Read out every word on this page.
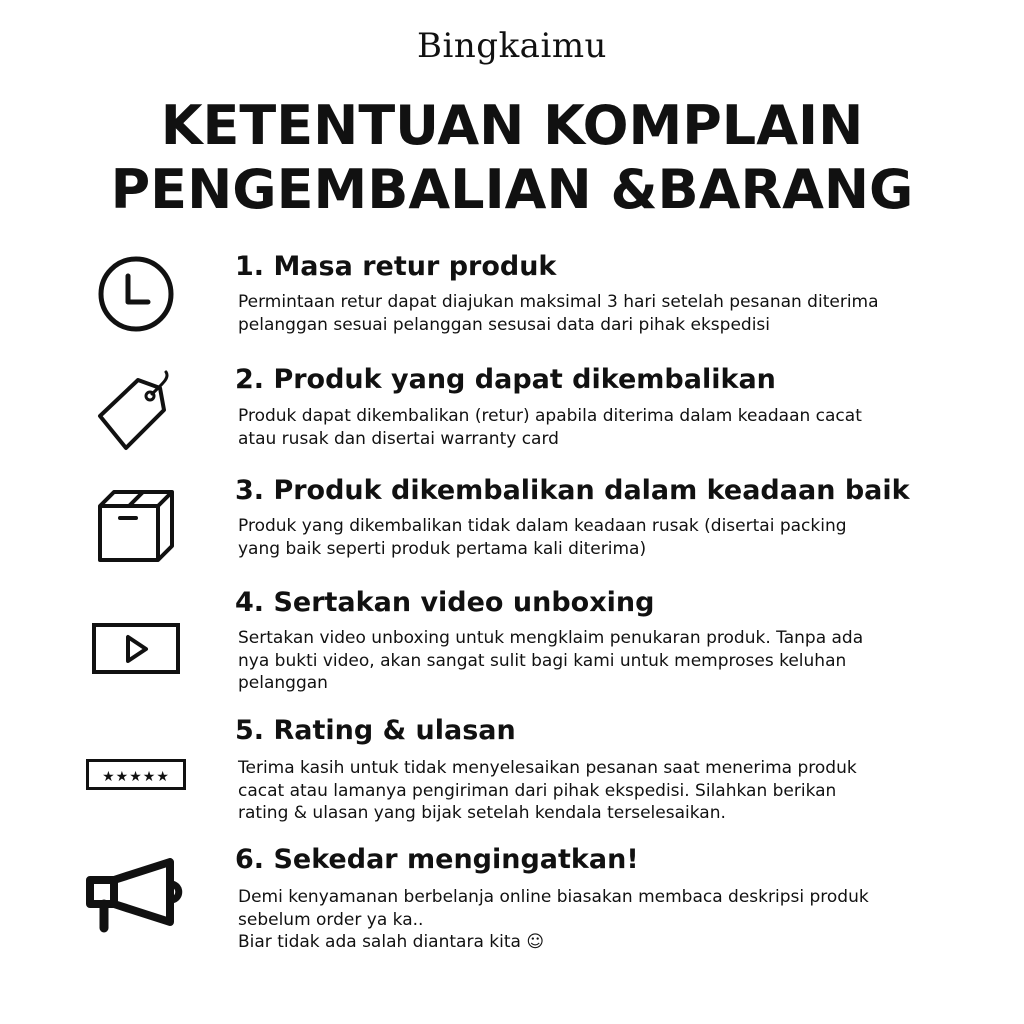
Bingkaimu
KETENTUAN KOMPLAIN
PENGEMBALIAN &BARANG
1. Masa retur produk
Permintaan retur dapat diajukan maksimal 3 hari setelah pesanan diterima
pelanggan sesuai pelanggan sesusai data dari pihak ekspedisi
2. Produk yang dapat dikembalikan
Produk dapat dikembalikan (retur) apabila diterima dalam keadaan cacat
atau rusak dan disertai warranty card
3. Produk dikembalikan dalam keadaan baik
Produk yang dikembalikan tidak dalam keadaan rusak (disertai packing
yang baik seperti produk pertama kali diterima)
4. Sertakan video unboxing
Sertakan video unboxing untuk mengklaim penukaran produk. Tanpa ada
nya bukti video, akan sangat sulit bagi kami untuk memproses keluhan
pelanggan
★★★★★
5. Rating & ulasan
Terima kasih untuk tidak menyelesaikan pesanan saat menerima produk
cacat atau lamanya pengiriman dari pihak ekspedisi. Silahkan berikan
rating & ulasan yang bijak setelah kendala terselesaikan.
6. Sekedar mengingatkan!
Demi kenyamanan berbelanja online biasakan membaca deskripsi produk
sebelum order ya ka..
Biar tidak ada salah diantara kita ☺
